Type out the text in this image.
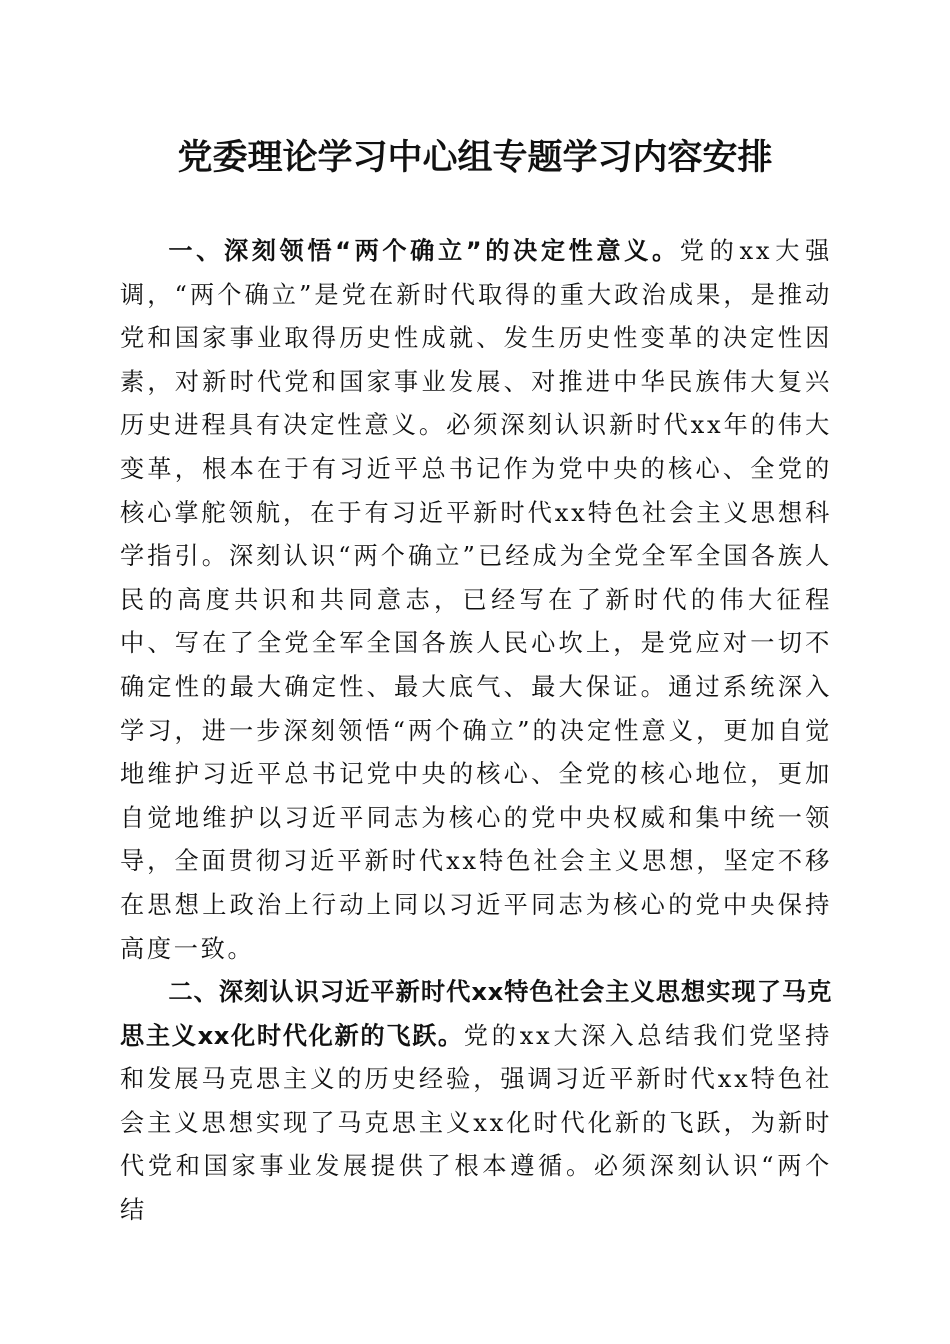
党委理论学习中心组专题学习内容安排

一、深刻领悟“两个确立”的决定性意义。党的xx大强调，“两个确立”是党在新时代取得的重大政治成果，是推动党和国家事业取得历史性成就、发生历史性变革的决定性因素，对新时代党和国家事业发展、对推进中华民族伟大复兴历史进程具有决定性意义。必须深刻认识新时代xx年的伟大变革，根本在于有习近平总书记作为党中央的核心、全党的核心掌舵领航，在于有习近平新时代xx特色社会主义思想科学指引。深刻认识“两个确立”已经成为全党全军全国各族人民的高度共识和共同意志，已经写在了新时代的伟大征程中、写在了全党全军全国各族人民心坎上，是党应对一切不确定性的最大确定性、最大底气、最大保证。通过系统深入学习，进一步深刻领悟“两个确立”的决定性意义，更加自觉地维护习近平总书记党中央的核心、全党的核心地位，更加自觉地维护以习近平同志为核心的党中央权威和集中统一领导，全面贯彻习近平新时代xx特色社会主义思想，坚定不移在思想上政治上行动上同以习近平同志为核心的党中央保持高度一致。

二、深刻认识习近平新时代xx特色社会主义思想实现了马克思主义xx化时代化新的飞跃。党的xx大深入总结我们党坚持和发展马克思主义的历史经验，强调习近平新时代xx特色社会主义思想实现了马克思主义xx化时代化新的飞跃，为新时代党和国家事业发展提供了根本遵循。必须深刻认识“两个结
